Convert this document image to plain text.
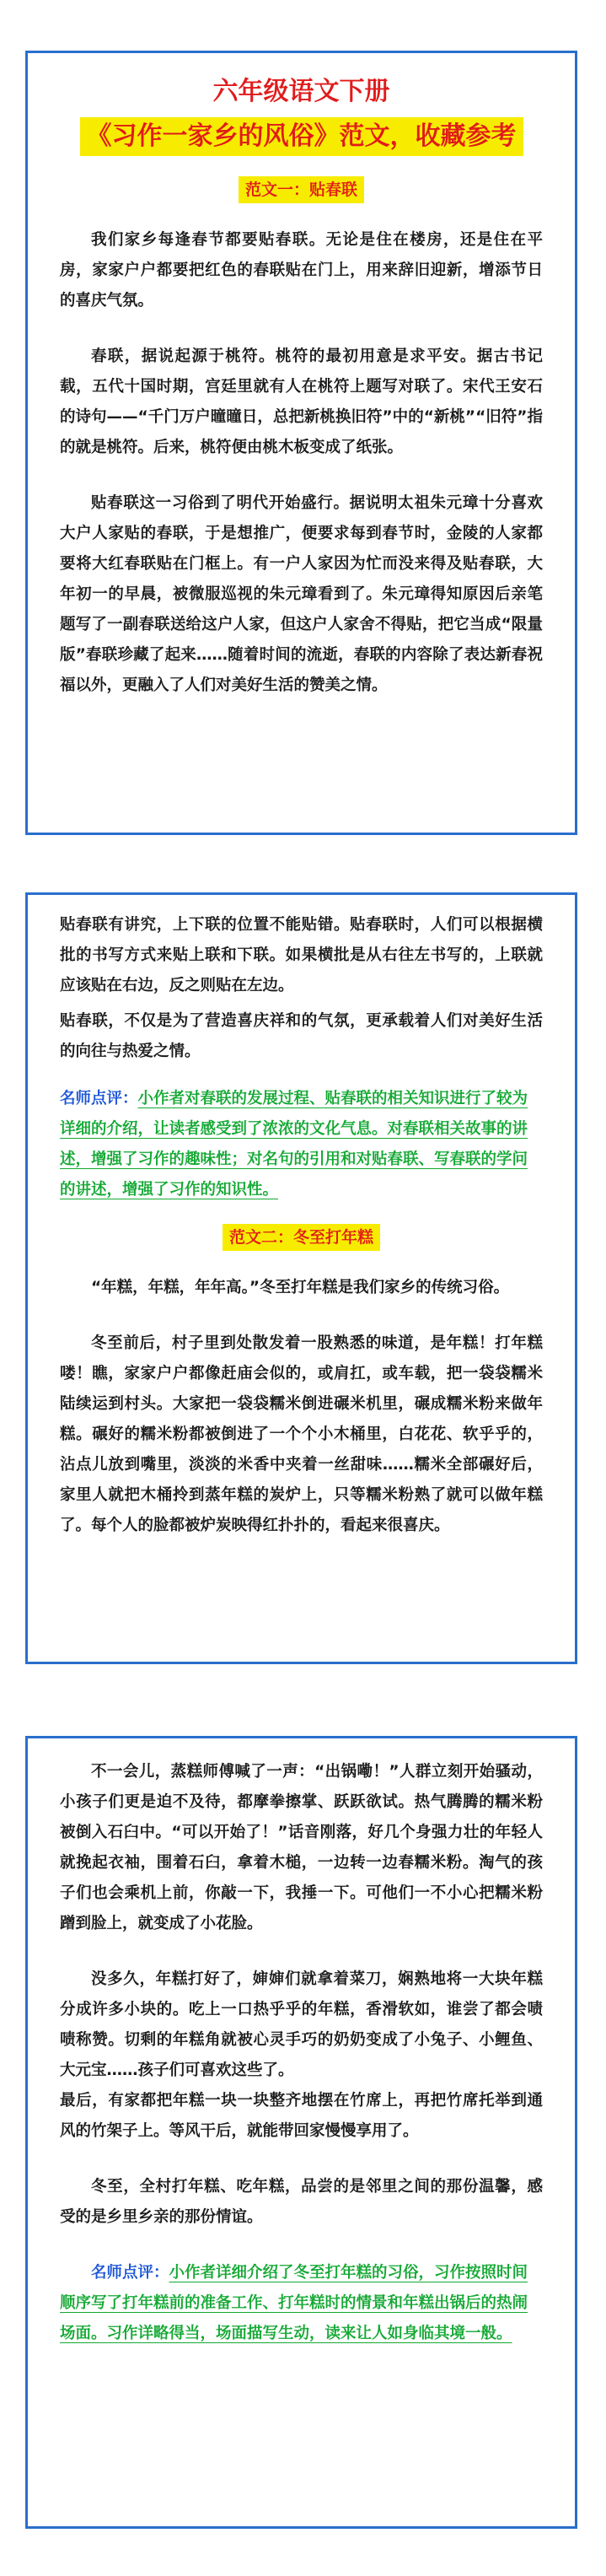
六年级语文下册
《习作一家乡的风俗》范文，收藏参考
范文一：贴春联

我们家乡每逢春节都要贴春联。无论是住在楼房，还是住在平房，家家户户都要把红色的春联贴在门上，用来辞旧迎新，增添节日的喜庆气氛。

春联，据说起源于桃符。桃符的最初用意是求平安。据古书记载，五代十国时期，宫廷里就有人在桃符上题写对联了。宋代王安石的诗句——“千门万户曈曈日，总把新桃换旧符”中的“新桃”“旧符”指的就是桃符。后来，桃符便由桃木板变成了纸张。

贴春联这一习俗到了明代开始盛行。据说明太祖朱元璋十分喜欢大户人家贴的春联，于是想推广，便要求每到春节时，金陵的人家都要将大红春联贴在门框上。有一户人家因为忙而没来得及贴春联，大年初一的早晨，被微服巡视的朱元璋看到了。朱元璋得知原因后亲笔题写了一副春联送给这户人家，但这户人家舍不得贴，把它当成“限量版”春联珍藏了起来……随着时间的流逝，春联的内容除了表达新春祝福以外，更融入了人们对美好生活的赞美之情。

贴春联有讲究，上下联的位置不能贴错。贴春联时，人们可以根据横批的书写方式来贴上联和下联。如果横批是从右往左书写的，上联就应该贴在右边，反之则贴在左边。

贴春联，不仅是为了营造喜庆祥和的气氛，更承载着人们对美好生活的向往与热爱之情。

名师点评：小作者对春联的发展过程、贴春联的相关知识进行了较为详细的介绍，让读者感受到了浓浓的文化气息。对春联相关故事的讲述，增强了习作的趣味性；对名句的引用和对贴春联、写春联的学问的讲述，增强了习作的知识性。

范文二：冬至打年糕

“年糕，年糕，年年高。”冬至打年糕是我们家乡的传统习俗。

冬至前后，村子里到处散发着一股熟悉的味道，是年糕！打年糕喽！瞧，家家户户都像赶庙会似的，或肩扛，或车载，把一袋袋糯米陆续运到村头。大家把一袋袋糯米倒进碾米机里，碾成糯米粉来做年糕。碾好的糯米粉都被倒进了一个个小木桶里，白花花、软乎乎的，沾点儿放到嘴里，淡淡的米香中夹着一丝甜味……糯米全部碾好后，家里人就把木桶拎到蒸年糕的炭炉上，只等糯米粉熟了就可以做年糕了。每个人的脸都被炉炭映得红扑扑的，看起来很喜庆。

不一会儿，蒸糕师傅喊了一声：“出锅嘞！”人群立刻开始骚动，小孩子们更是迫不及待，都摩拳擦掌、跃跃欲试。热气腾腾的糯米粉被倒入石臼中。“可以开始了！”话音刚落，好几个身强力壮的年轻人就挽起衣袖，围着石臼，拿着木槌，一边转一边春糯米粉。淘气的孩子们也会乘机上前，你敲一下，我捶一下。可他们一不小心把糯米粉蹭到脸上，就变成了小花脸。

没多久，年糕打好了，婶婶们就拿着菜刀，娴熟地将一大块年糕分成许多小块的。吃上一口热乎乎的年糕，香滑软如，谁尝了都会啧啧称赞。切剩的年糕角就被心灵手巧的奶奶变成了小兔子、小鲤鱼、大元宝……孩子们可喜欢这些了。

最后，有家都把年糕一块一块整齐地摆在竹席上，再把竹席托举到通风的竹架子上。等风干后，就能带回家慢慢享用了。

冬至，全村打年糕、吃年糕，品尝的是邻里之间的那份温馨，感受的是乡里乡亲的那份情谊。

名师点评：小作者详细介绍了冬至打年糕的习俗，习作按照时间顺序写了打年糕前的准备工作、打年糕时的情景和年糕出锅后的热闹场面。习作详略得当，场面描写生动，读来让人如身临其境一般。
